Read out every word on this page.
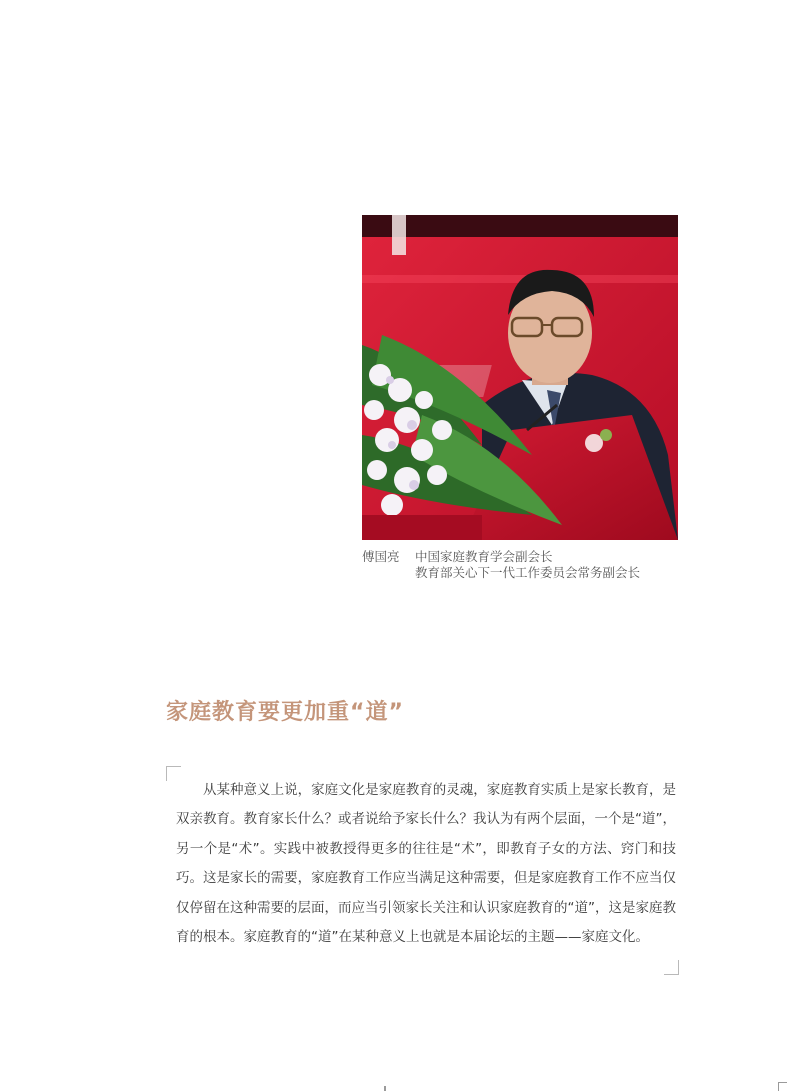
傅国亮 中国家庭教育学会副会长
教育部关心下一代工作委员会常务副会长
家庭教育要更加重“道”

从某种意义上说，家庭文化是家庭教育的灵魂，家庭教育实质上是家长教育，是双亲教育。教育家长什么？或者说给予家长什么？我认为有两个层面，一个是“道”，另一个是“术”。实践中被教授得更多的往往是“术”，即教育子女的方法、窍门和技巧。这是家长的需要，家庭教育工作应当满足这种需要，但是家庭教育工作不应当仅仅停留在这种需要的层面，而应当引领家长关注和认识家庭教育的“道”，这是家庭教育的根本。家庭教育的“道”在某种意义上也就是本届论坛的主题——家庭文化。
